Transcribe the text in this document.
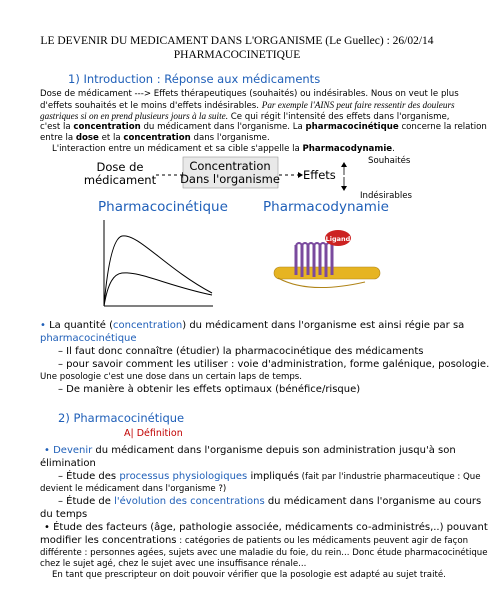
LE DEVENIR DU MEDICAMENT DANS L'ORGANISME (Le Guellec) : 26/02/14
PHARMACOCINETIQUE
1) Introduction : Réponse aux médicaments
Dose de médicament ---> Effets thérapeutiques (souhaités) ou indésirables. Nous on veut le plus
d'effets souhaités et le moins d'effets indésirables. Par exemple l'AINS peut faire ressentir des douleurs
gastriques si on en prend plusieurs jours à la suite. Ce qui régit l'intensité des effets dans l'organisme,
c'est la concentration du médicament dans l'organisme. La pharmacocinétique concerne la relation
entre la dose et la concentration dans l'organisme.
L'interaction entre un médicament et sa cible s'appelle la Pharmacodynamie.
Dose de
médicament
Concentration
Dans l'organisme Effets
Souhaités
Indésirables
Pharmacocinétique	Pharmacodynamie
Ligand
• La quantité (concentration) du médicament dans l'organisme est ainsi régie par sa
pharmacocinétique
– Il faut donc connaître (étudier) la pharmacocinétique des médicaments
– pour savoir comment les utiliser : voie d'administration, forme galénique, posologie.
Une posologie c'est une dose dans un certain laps de temps.
– De manière à obtenir les effets optimaux (bénéfice/risque)
2) Pharmacocinétique
A| Définition
• Devenir du médicament dans l'organisme depuis son administration jusqu'à son
élimination
– Étude des processus physiologiques impliqués (fait par l'industrie pharmaceutique : Que
devient le médicament dans l'organisme ?)
– Étude de l'évolution des concentrations du médicament dans l'organisme au cours
du temps
• Étude des facteurs (âge, pathologie associée, médicaments co-administrés,..) pouvant
modifier les concentrations : catégories de patients ou les médicaments peuvent agir de façon
différente : personnes agées, sujets avec une maladie du foie, du rein... Donc étude pharmacocinétique
chez le sujet agé, chez le sujet avec une insuffisance rénale...
En tant que prescripteur on doit pouvoir vérifier que la posologie est adapté au sujet traité.
